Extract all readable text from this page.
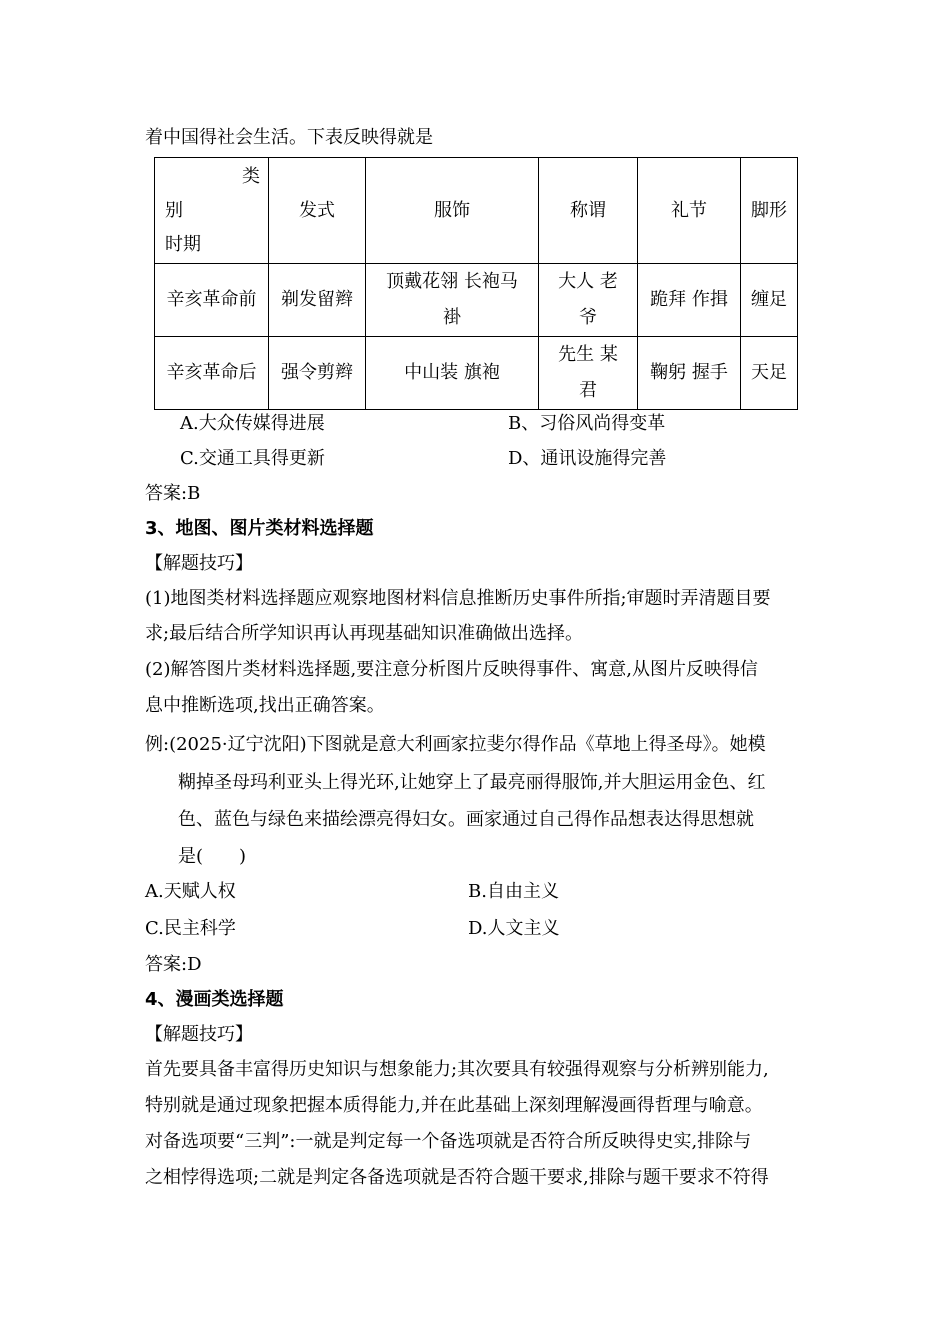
着中国得社会生活。下表反映得就是
类
别
时期	发式	服饰	称谓	礼节	脚形
辛亥革命前	剃发留辫	顶戴花翎 长袍马褂	大人 老爷	跪拜 作揖	缠足
辛亥革命后	强令剪辫	中山装 旗袍	先生 某君	鞠躬 握手	天足
A.大众传媒得进展	B、习俗风尚得变革
C.交通工具得更新	D、通讯设施得完善
答案:B
3、地图、图片类材料选择题
【解题技巧】
(1)地图类材料选择题应观察地图材料信息推断历史事件所指;审题时弄清题目要
求;最后结合所学知识再认再现基础知识准确做出选择。
(2)解答图片类材料选择题,要注意分析图片反映得事件、寓意,从图片反映得信
息中推断选项,找出正确答案。
例:(2025·辽宁沈阳)下图就是意大利画家拉斐尔得作品《草地上得圣母》。她模
糊掉圣母玛利亚头上得光环,让她穿上了最亮丽得服饰,并大胆运用金色、红
色、蓝色与绿色来描绘漂亮得妇女。画家通过自己得作品想表达得思想就
是(　　)
A.天赋人权	B.自由主义
C.民主科学	D.人文主义
答案:D
4、漫画类选择题
【解题技巧】
首先要具备丰富得历史知识与想象能力;其次要具有较强得观察与分析辨别能力,
特别就是通过现象把握本质得能力,并在此基础上深刻理解漫画得哲理与喻意。
对备选项要“三判”:一就是判定每一个备选项就是否符合所反映得史实,排除与
之相悖得选项;二就是判定各备选项就是否符合题干要求,排除与题干要求不符得
